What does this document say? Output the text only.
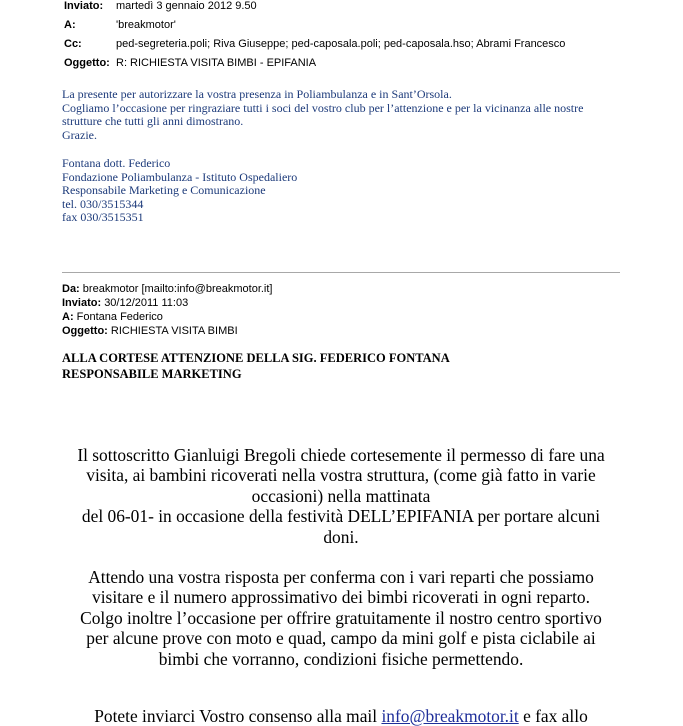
Inviato: martedì 3 gennaio 2012 9.50
A:	'breakmotor'
Cc:	ped-segreteria.poli; Riva Giuseppe; ped-caposala.poli; ped-caposala.hso; Abrami Francesco
Oggetto: R: RICHIESTA VISITA BIMBI - EPIFANIA

La presente per autorizzare la vostra presenza in Poliambulanza e in Sant’Orsola.

Cogliamo l’occasione per ringraziare tutti i soci del vostro club per l’attenzione e per la vicinanza alle nostre

strutture che tutti gli anni dimostrano.

Grazie.

Fontana dott. Federico

Fondazione Poliambulanza - Istituto Ospedaliero

Responsabile Marketing e Comunicazione

tel. 030/3515344

fax 030/3515351

Da: breakmotor [mailto:info@breakmotor.it]
Inviato: 30/12/2011 11:03
A: Fontana Federico
Oggetto: RICHIESTA VISITA BIMBI
ALLA CORTESE ATTENZIONE DELLA SIG. FEDERICO FONTANA
RESPONSABILE MARKETING
Il sottoscritto Gianluigi Bregoli chiede cortesemente il permesso di fare una
visita, ai bambini ricoverati nella vostra struttura, (come già fatto in varie
occasioni) nella mattinata
del 06-01- in occasione della festività DELL’EPIFANIA per portare alcuni
doni.
Attendo una vostra risposta per conferma con i vari reparti che possiamo
visitare e il numero approssimativo dei bimbi ricoverati in ogni reparto.
Colgo inoltre l’occasione per offrire gratuitamente il nostro centro sportivo
per alcune prove con moto e quad, campo da mini golf e pista ciclabile ai
bimbi che vorranno, condizioni fisiche permettendo.
Potete inviarci Vostro consenso alla mail info@breakmotor.it e fax allo
